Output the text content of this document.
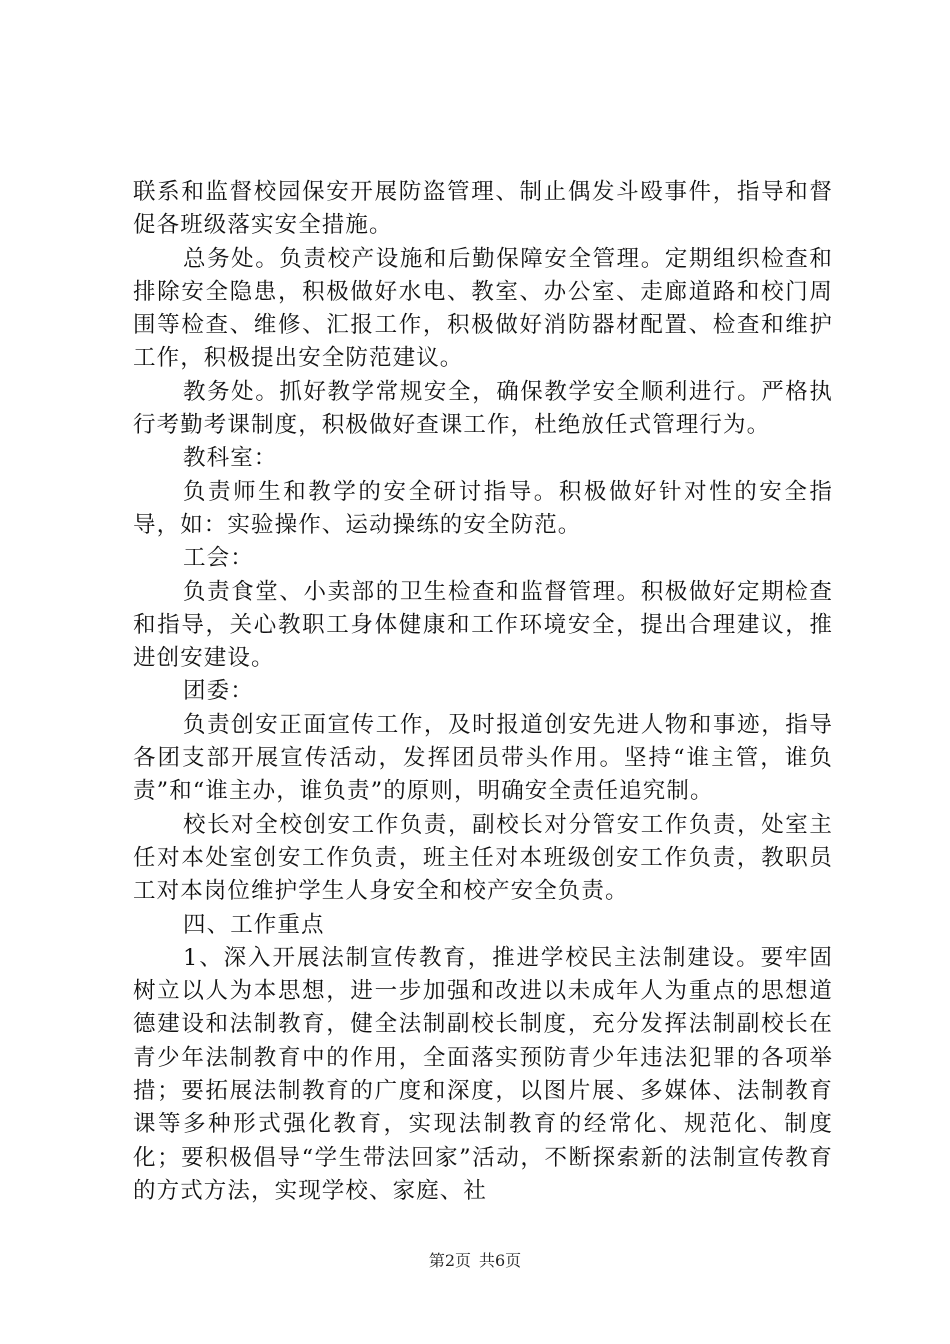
联系和监督校园保安开展防盗管理、制止偶发斗殴事件，指导和督促各班级落实安全措施。

总务处。负责校产设施和后勤保障安全管理。定期组织检查和排除安全隐患，积极做好水电、教室、办公室、走廊道路和校门周围等检查、维修、汇报工作，积极做好消防器材配置、检查和维护工作，积极提出安全防范建议。

教务处。抓好教学常规安全，确保教学安全顺利进行。严格执行考勤考课制度，积极做好查课工作，杜绝放任式管理行为。

教科室：

负责师生和教学的安全研讨指导。积极做好针对性的安全指导，如：实验操作、运动操练的安全防范。

工会：

负责食堂、小卖部的卫生检查和监督管理。积极做好定期检查和指导，关心教职工身体健康和工作环境安全，提出合理建议，推进创安建设。

团委：

负责创安正面宣传工作，及时报道创安先进人物和事迹，指导各团支部开展宣传活动，发挥团员带头作用。坚持“谁主管，谁负责”和“谁主办，谁负责”的原则，明确安全责任追究制。

校长对全校创安工作负责，副校长对分管安工作负责，处室主任对本处室创安工作负责，班主任对本班级创安工作负责，教职员工对本岗位维护学生人身安全和校产安全负责。

四、工作重点

1、深入开展法制宣传教育，推进学校民主法制建设。要牢固树立以人为本思想，进一步加强和改进以未成年人为重点的思想道德建设和法制教育，健全法制副校长制度，充分发挥法制副校长在青少年法制教育中的作用，全面落实预防青少年违法犯罪的各项举措；要拓展法制教育的广度和深度，以图片展、多媒体、法制教育课等多种形式强化教育，实现法制教育的经常化、规范化、制度化；要积极倡导“学生带法回家”活动，不断探索新的法制宣传教育的方式方法，实现学校、家庭、社

第2页 共6页
